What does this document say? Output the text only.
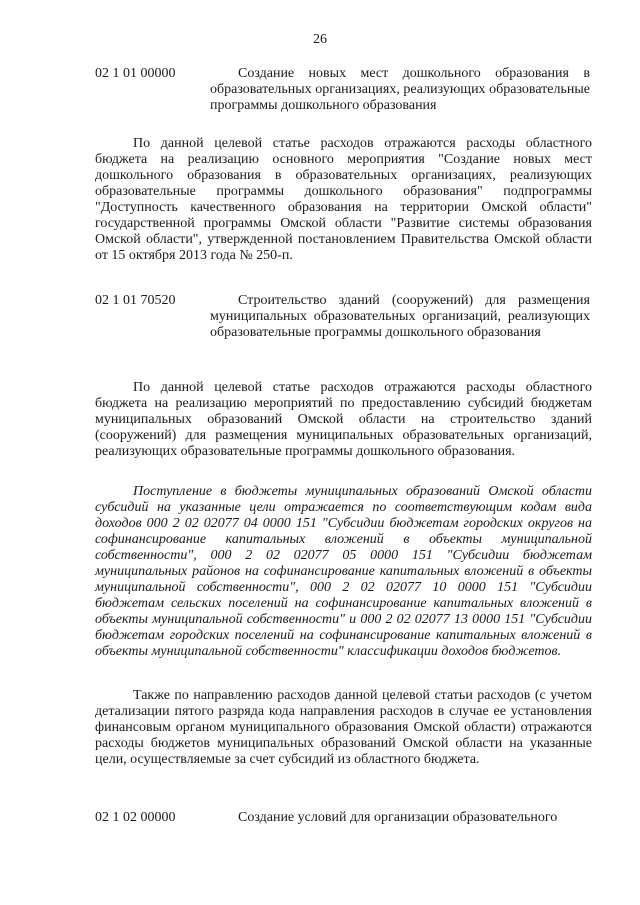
26
02 1 01 00000	Создание новых мест дошкольного образования в образовательных организациях, реализующих образовательные программы дошкольного образования

По данной целевой статье расходов отражаются расходы областного бюджета на реализацию основного мероприятия "Создание новых мест дошкольного образования в образовательных организациях, реализующих образовательные программы дошкольного образования" подпрограммы "Доступность качественного образования на территории Омской области" государственной программы Омской области "Развитие системы образования Омской области", утвержденной постановлением Правительства Омской области от 15 октября 2013 года № 250-п.

02 1 01 70520	Строительство зданий (сооружений) для размещения муниципальных образовательных организаций, реализующих образовательные программы дошкольного образования

По данной целевой статье расходов отражаются расходы областного бюджета на реализацию мероприятий по предоставлению субсидий бюджетам муниципальных образований Омской области на строительство зданий (сооружений) для размещения муниципальных образовательных организаций, реализующих образовательные программы дошкольного образования.

Поступление в бюджеты муниципальных образований Омской области субсидий на указанные цели отражается по соответствующим кодам вида доходов 000 2 02 02077 04 0000 151 "Субсидии бюджетам городских округов на софинансирование капитальных вложений в объекты муниципальной собственности", 000 2 02 02077 05 0000 151 "Субсидии бюджетам муниципальных районов на софинансирование капитальных вложений в объекты муниципальной собственности", 000 2 02 02077 10 0000 151 "Субсидии бюджетам сельских поселений на софинансирование капитальных вложений в объекты муниципальной собственности" и 000 2 02 02077 13 0000 151 "Субсидии бюджетам городских поселений на софинансирование капитальных вложений в объекты муниципальной собственности" классификации доходов бюджетов.

Также по направлению расходов данной целевой статьи расходов (с учетом детализации пятого разряда кода направления расходов в случае ее установления финансовым органом муниципального образования Омской области) отражаются расходы бюджетов муниципальных образований Омской области на указанные цели, осуществляемые за счет субсидий из областного бюджета.

02 1 02 00000	Создание условий для организации образовательного
